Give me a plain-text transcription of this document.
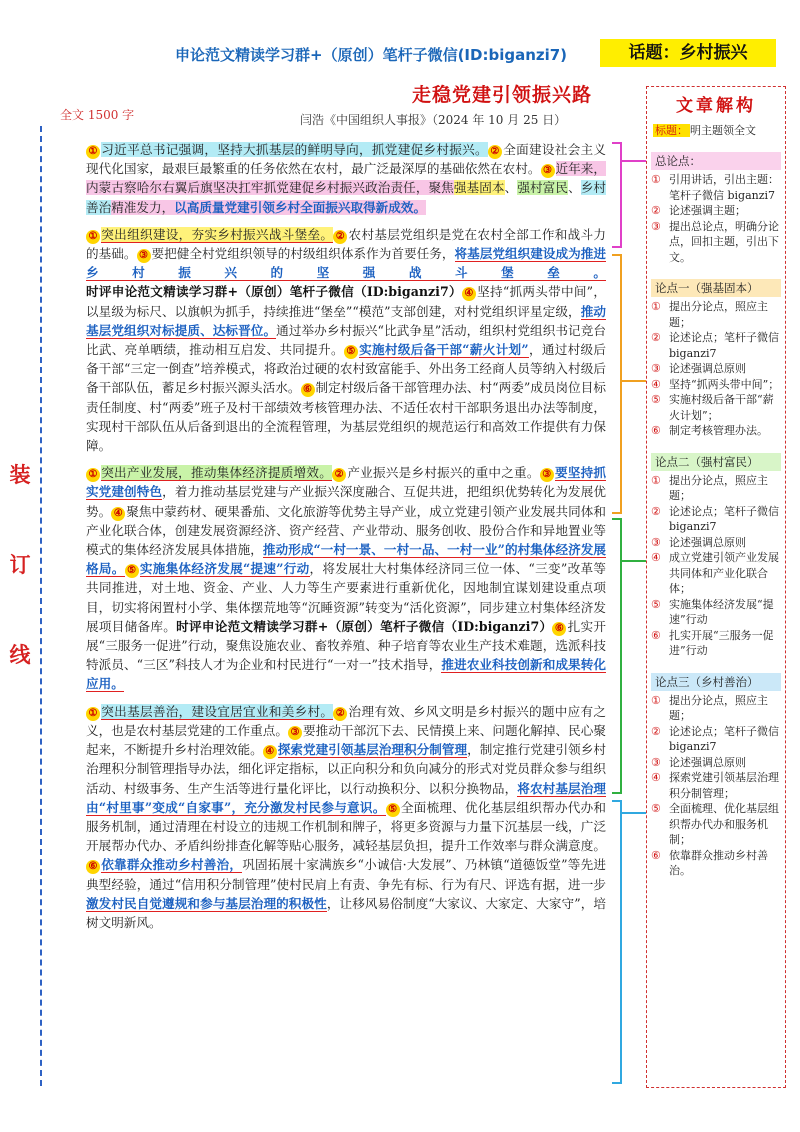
申论范文精读学习群+（原创）笔杆子微信(ID:biganzi7)	话题：乡村振兴
走稳党建引领振兴路
全文 1500 字	闫浩《中国组织人事报》（2024 年 10 月 25 日）
装
订
线

① 习近平总书记强调，坚持大抓基层的鲜明导向，抓党建促乡村振兴。 ② 全面建设社会主义现代化国家，最艰巨最繁重的任务依然在农村，最广泛最深厚的基础依然在农村。 ③ 近年来，内蒙古察哈尔右翼后旗坚决扛牢抓党建促乡村振兴政治责任，聚焦强基固本、强村富民、乡村善治精准发力，以高质量党建引领乡村全面振兴取得新成效。

① 突出组织建设，夯实乡村振兴战斗堡垒。 ② 农村基层党组织是党在农村全部工作和战斗力的基础。 ③ 要把健全村党组织领导的村级组织体系作为首要任务，将基层党组织建设成为推进乡村振兴的坚强战斗堡垒。时评申论范文精读学习群+（原创）笔杆子微信（ID:biganzi7） ④ 坚持“抓两头带中间”，以星级为标尺、以旗帜为抓手，持续推进“堡垒”“模范”支部创建，对村党组织评星定级，推动基层党组织对标提质、达标晋位。通过举办乡村振兴“比武争星”活动，组织村党组织书记竞台比武、亮单晒绩，推动相互启发、共同提升。 ⑤ 实施村级后备干部“薪火计划”，通过村级后备干部“三定一倒查”培养模式，将政治过硬的农村致富能手、外出务工经商人员等纳入村级后备干部队伍，蓄足乡村振兴源头活水。 ⑥ 制定村级后备干部管理办法、村“两委”成员岗位目标责任制度、村“两委”班子及村干部绩效考核管理办法、不适任农村干部职务退出办法等制度，实现村干部队伍从后备到退出的全流程管理，为基层党组织的规范运行和高效工作提供有力保障。

① 突出产业发展，推动集体经济提质增效。 ② 产业振兴是乡村振兴的重中之重。 ③ 要坚持抓实党建创特色，着力推动基层党建与产业振兴深度融合、互促共进，把组织优势转化为发展优势。 ④ 聚焦中蒙药材、硬果番茄、文化旅游等优势主导产业，成立党建引领产业发展共同体和产业化联合体，创建发展资源经济、资产经营、产业带动、服务创收、股份合作和异地置业等模式的集体经济发展具体措施，推动形成“一村一景、一村一品、一村一业”的村集体经济发展格局。 ⑤ 实施集体经济发展“提速”行动，将发展壮大村集体经济同三位一体、“三变”改革等共同推进，对土地、资金、产业、人力等生产要素进行重新优化，因地制宜谋划建设重点项目，切实将闲置村小学、集体摆荒地等“沉睡资源”转变为“活化资源”，同步建立村集体经济发展项目储备库。时评申论范文精读学习群+（原创）笔杆子微信（ID:biganzi7） ⑥ 扎实开展“三服务一促进”行动，聚焦设施农业、畜牧养殖、种子培育等农业生产技术难题，选派科技特派员、“三区”科技人才为企业和村民进行“一对一”技术指导，推进农业科技创新和成果转化应用。

① 突出基层善治，建设宜居宜业和美乡村。 ② 治理有效、乡风文明是乡村振兴的题中应有之义，也是农村基层党建的工作重点。 ③ 要推动干部沉下去、民情摸上来、问题化解掉、民心聚起来，不断提升乡村治理效能。 ④ 探索党建引领基层治理积分制管理，制定推行党建引领乡村治理积分制管理指导办法，细化评定指标，以正向积分和负向减分的形式对党员群众参与组织活动、村级事务、生产生活等进行量化评比，以行动换积分、以积分换物品，将农村基层治理由“村里事”变成“自家事”，充分激发村民参与意识。 ⑤ 全面梳理、优化基层组织帮办代办和服务机制，通过清理在村设立的违规工作机制和牌子，将更多资源与力量下沉基层一线，广泛开展帮办代办、矛盾纠纷排查化解等贴心服务，减轻基层负担，提升工作效率与群众满意度。⑥ 依靠群众推动乡村善治，巩固拓展十家满族乡“小诚信·大发展”、乃林镇“道德饭堂”等先进典型经验，通过“信用积分制管理”使村民肩上有责、争先有标、行为有尺、评选有据，进一步激发村民自觉遵规和参与基层治理的积极性，让移风易俗制度“大家议、大家定、大家守”，培树文明新风。

文章解构
标题： 明主题领全文
总论点：
① 引用讲话，引出主题：笔杆子微信 biganzi7
② 论述强调主题；
③ 提出总论点，明确分论点，回扣主题，引出下文。
论点一（强基固本）
① 提出分论点，照应主题；
② 论述论点；笔杆子微信 biganzi7
③ 论述强调总原则
④ 坚持“抓两头带中间”；
⑤ 实施村级后备干部“薪火计划”；
⑥ 制定考核管理办法。
论点二（强村富民）
① 提出分论点，照应主题；
② 论述论点；笔杆子微信 biganzi7
③ 论述强调总原则
④ 成立党建引领产业发展共同体和产业化联合体；
⑤ 实施集体经济发展“提速”行动
⑥ 扎实开展“三服务一促进”行动
论点三（乡村善治）
① 提出分论点，照应主题；
② 论述论点；笔杆子微信 biganzi7
③ 论述强调总原则
④ 探索党建引领基层治理积分制管理；
⑤ 全面梳理、优化基层组织帮办代办和服务机制；
⑥ 依靠群众推动乡村善治。
